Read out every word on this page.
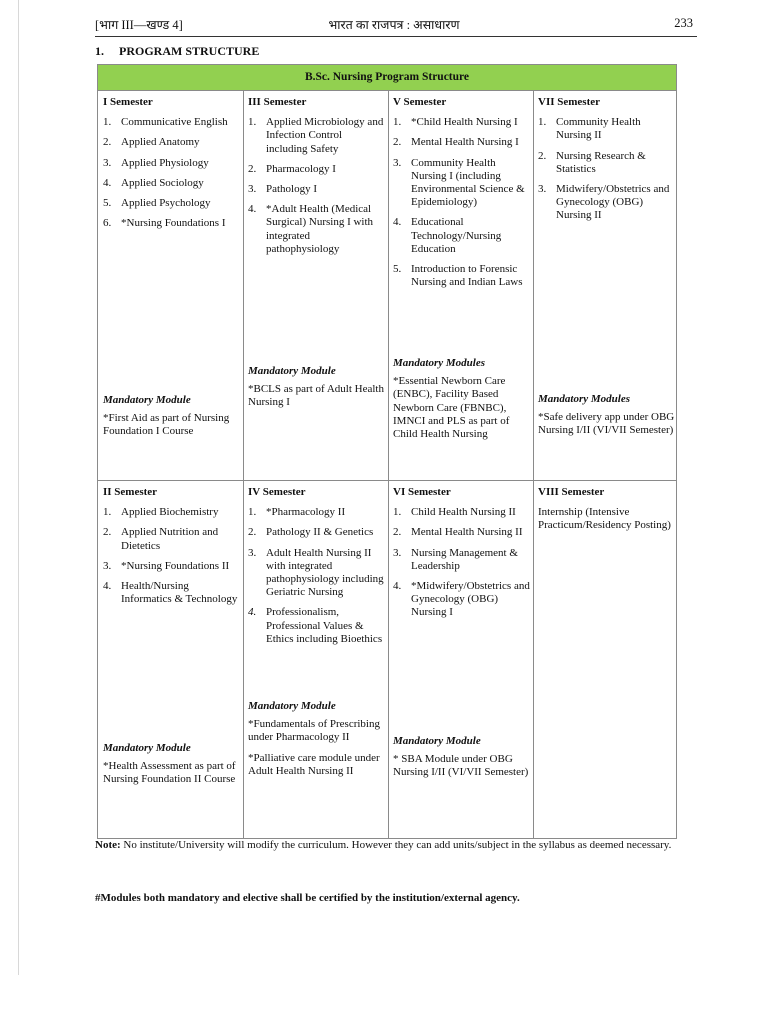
[भाग III—खण्ड 4]	भारत का राजपत्र : असाधारण	233
1. PROGRAM STRUCTURE
B.Sc. Nursing Program Structure
I Semester
1. Communicative English
2. Applied Anatomy
3. Applied Physiology
4. Applied Sociology
5. Applied Psychology
6. *Nursing Foundations I
Mandatory Module
*First Aid as part of Nursing Foundation I Course
III Semester
1. Applied Microbiology and Infection Control including Safety
2. Pharmacology I
3. Pathology I
4. *Adult Health (Medical Surgical) Nursing I with integrated pathophysiology
Mandatory Module
*BCLS as part of Adult Health Nursing I
V Semester
1. *Child Health Nursing I
2. Mental Health Nursing I
3. Community Health Nursing I (including Environmental Science & Epidemiology)
4. Educational Technology/Nursing Education
5. Introduction to Forensic Nursing and Indian Laws
Mandatory Modules
*Essential Newborn Care (ENBC), Facility Based Newborn Care (FBNBC), IMNCI and PLS as part of Child Health Nursing
VII Semester
1. Community Health Nursing II
2. Nursing Research & Statistics
3. Midwifery/Obstetrics and Gynecology (OBG) Nursing II
Mandatory Modules
*Safe delivery app under OBG Nursing I/II (VI/VII Semester)
II Semester
1. Applied Biochemistry
2. Applied Nutrition and Dietetics
3. *Nursing Foundations II
4. Health/Nursing Informatics & Technology
Mandatory Module
*Health Assessment as part of Nursing Foundation II Course
IV Semester
1. *Pharmacology II
2. Pathology II & Genetics
3. Adult Health Nursing II with integrated pathophysiology including Geriatric Nursing
4. Professionalism, Professional Values & Ethics including Bioethics
Mandatory Module
*Fundamentals of Prescribing under Pharmacology II
*Palliative care module under Adult Health Nursing II
VI Semester
1. Child Health Nursing II
2. Mental Health Nursing II
3. Nursing Management & Leadership
4. *Midwifery/Obstetrics and Gynecology (OBG) Nursing I
Mandatory Module
* SBA Module under OBG Nursing I/II (VI/VII Semester)
VIII Semester
Internship (Intensive Practicum/Residency Posting)
Note: No institute/University will modify the curriculum. However they can add units/subject in the syllabus as deemed necessary.
#Modules both mandatory and elective shall be certified by the institution/external agency.
